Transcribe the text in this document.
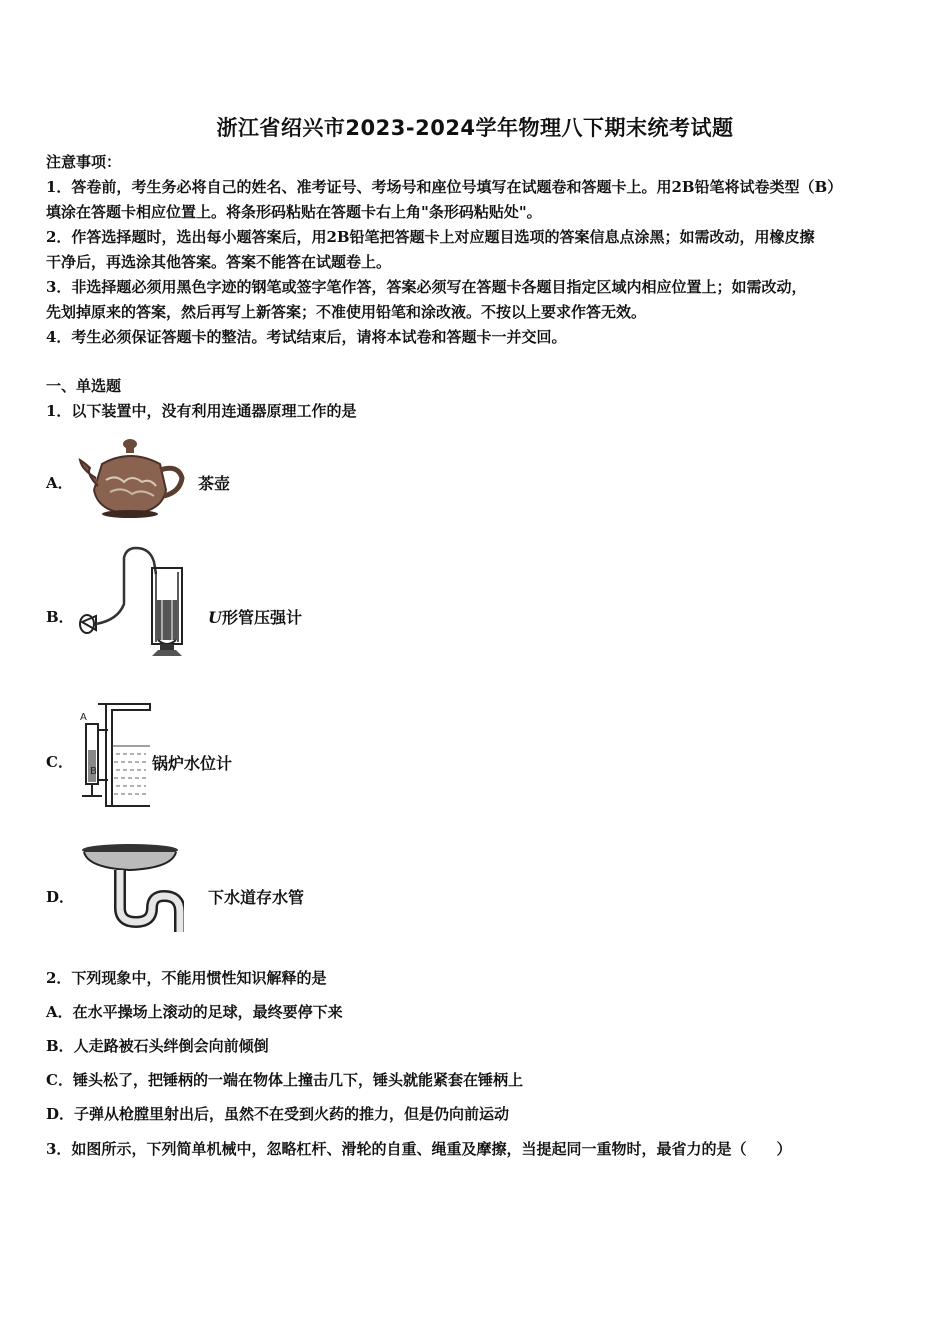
浙江省绍兴市2023-2024学年物理八下期末统考试题
注意事项：
1．答卷前，考生务必将自己的姓名、准考证号、考场号和座位号填写在试题卷和答题卡上。用2B铅笔将试卷类型（B）
填涂在答题卡相应位置上。将条形码粘贴在答题卡右上角"条形码粘贴处"。
2．作答选择题时，选出每小题答案后，用2B铅笔把答题卡上对应题目选项的答案信息点涂黑；如需改动，用橡皮擦
干净后，再选涂其他答案。答案不能答在试题卷上。
3．非选择题必须用黑色字迹的钢笔或签字笔作答，答案必须写在答题卡各题目指定区域内相应位置上；如需改动，
先划掉原来的答案，然后再写上新答案；不准使用铅笔和涂改液。不按以上要求作答无效。
4．考生必须保证答题卡的整洁。考试结束后，请将本试卷和答题卡一并交回。
一、单选题
1．以下装置中，没有利用连通器原理工作的是
A．	茶壶
B．	U形管压强计
C．
A
B	锅炉水位计
D．	下水道存水管
2．下列现象中，不能用惯性知识解释的是
A．在水平操场上滚动的足球，最终要停下来
B．人走路被石头绊倒会向前倾倒
C．锤头松了，把锤柄的一端在物体上撞击几下，锤头就能紧套在锤柄上
D．子弹从枪膛里射出后，虽然不在受到火药的推力，但是仍向前运动
3．如图所示，下列简单机械中，忽略杠杆、滑轮的自重、绳重及摩擦，当提起同一重物时，最省力的是（　　）
